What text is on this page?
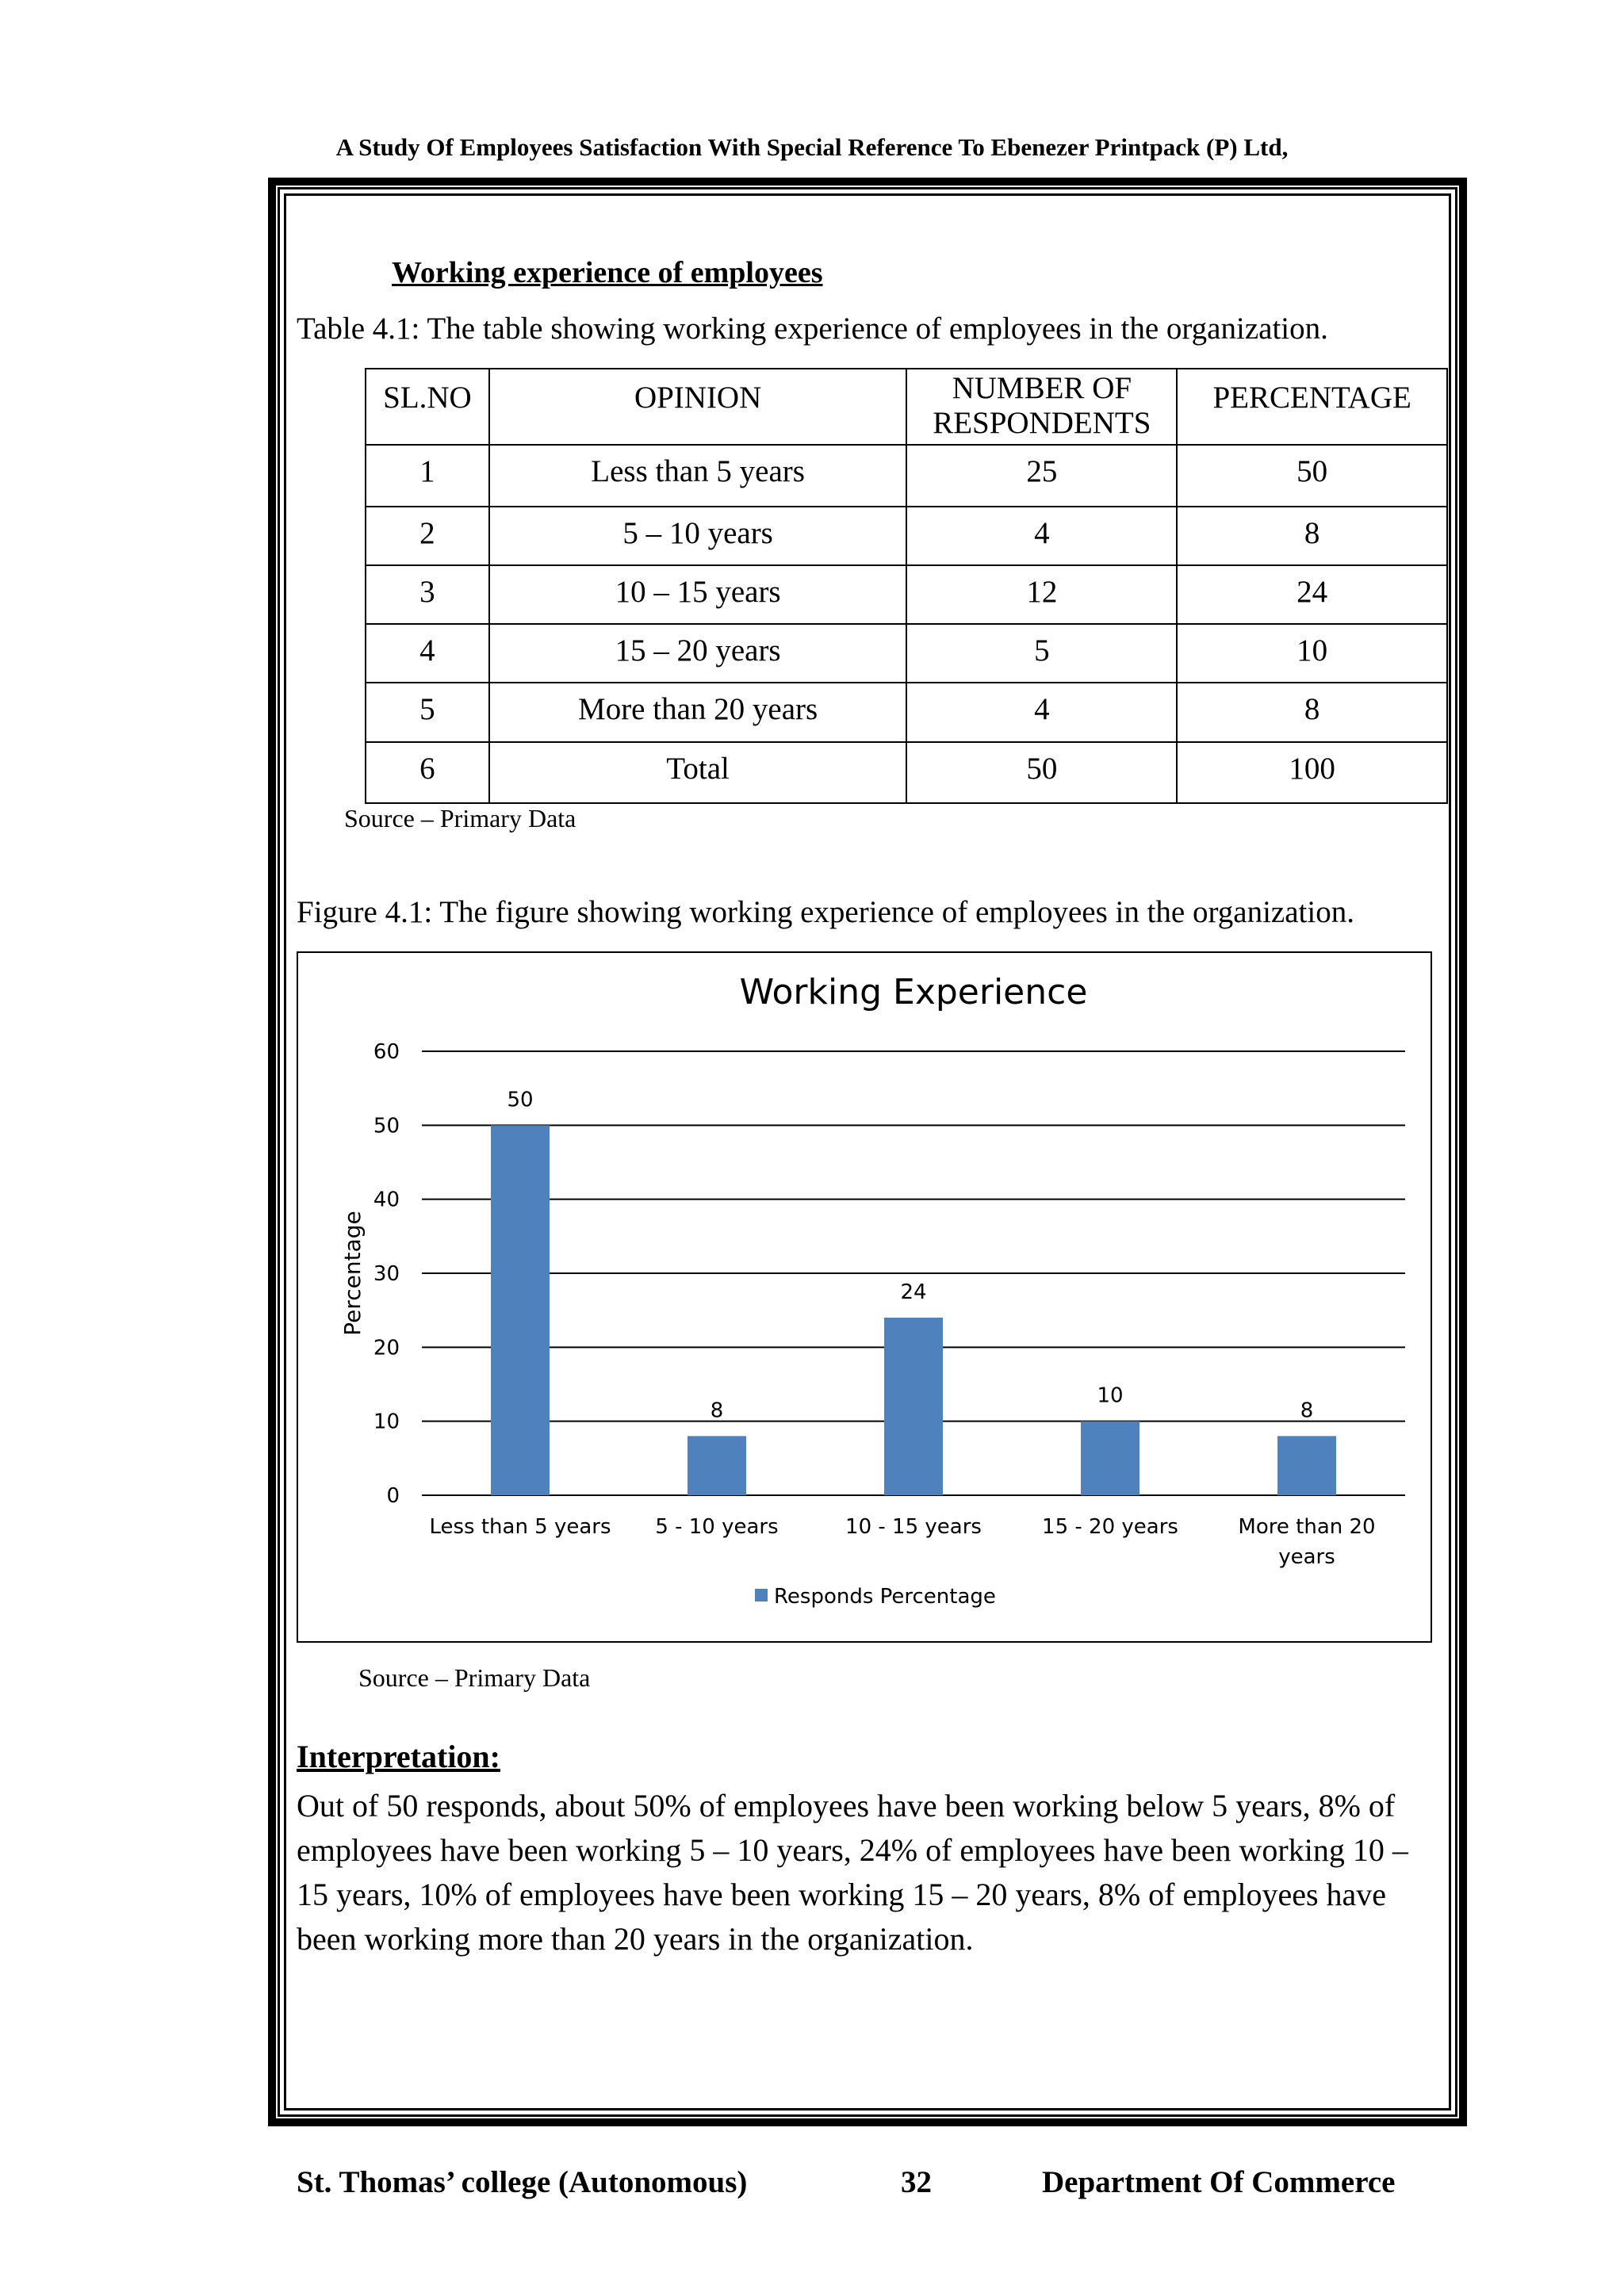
A Study Of Employees Satisfaction With Special Reference To Ebenezer Printpack (P) Ltd,
Working experience of employees
Table 4.1: The table showing working experience of employees in the organization.
SL.NO	OPINION	NUMBER OF RESPONDENTS	PERCENTAGE
1	Less than 5 years	25	50
2	5 – 10 years	4	8
3	10 – 15 years	12	24
4	15 – 20 years	5	10
5	More than 20 years	4	8
6	Total	50	100
Source – Primary Data
Figure 4.1: The figure showing working experience of employees in the organization.
Working Experience
0
10
20
30
40
50
60
Percentage
50
Less than 5 years
8
5 - 10 years
24
10 - 15 years
10
15 - 20 years
8
More than 20
years
Responds Percentage
Source – Primary Data
Interpretation:
Out of 50 responds, about 50% of employees have been working below 5 years, 8% of employees have been working 5 – 10 years, 24% of employees have been working 10 – 15 years, 10% of employees have been working 15 – 20 years, 8% of employees have been working more than 20 years in the organization.
St. Thomas’ college (Autonomous)	32	Department Of Commerce
